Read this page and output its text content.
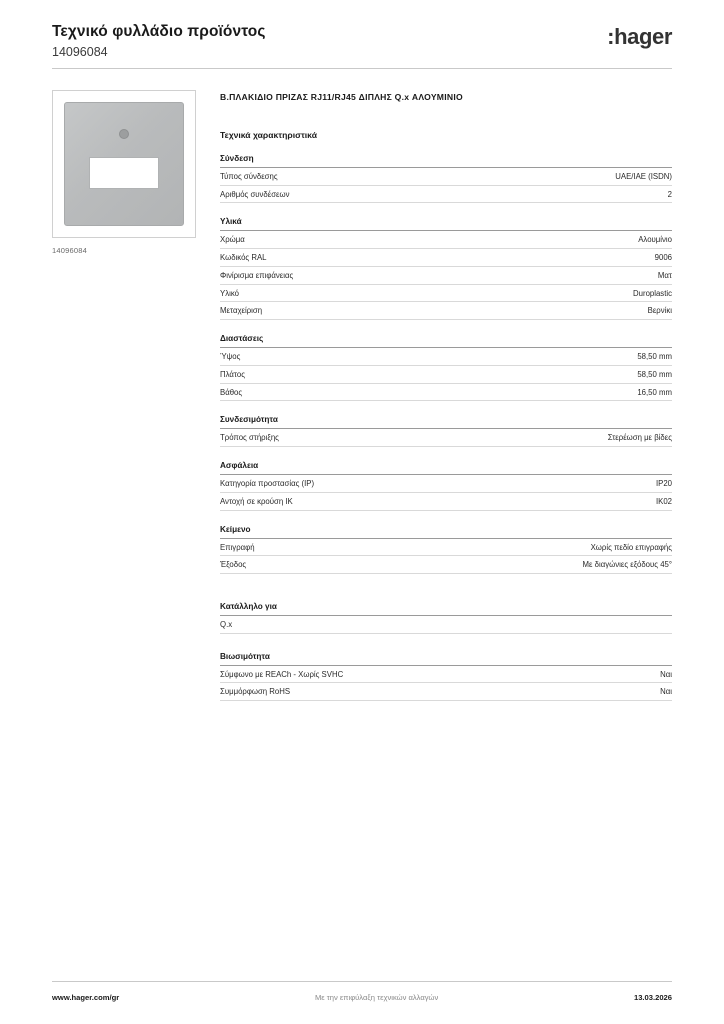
Τεχνικό φυλλάδιο προϊόντος
14096084
:hager
14096084
Β.ΠΛΑΚΙΔΙΟ ΠΡΙΖΑΣ RJ11/RJ45 ΔΙΠΛΗΣ Q.x ΑΛΟΥΜΙΝΙΟ
Τεχνικά χαρακτηριστικά
Σύνδεση
Τύπος σύνδεσης	UAE/IAE (ISDN)
Αριθμός συνδέσεων	2
Υλικά
Χρώμα	Αλουμίνιο
Κωδικός RAL	9006
Φινίρισμα επιφάνειας	Ματ
Υλικό	Duroplastic
Μεταχείριση	Βερνίκι
Διαστάσεις
Ύψος	58,50 mm
Πλάτος	58,50 mm
Βάθος	16,50 mm
Συνδεσιμότητα
Τρόπος στήριξης	Στερέωση με βίδες
Ασφάλεια
Κατηγορία προστασίας (IP)	IP20
Αντοχή σε κρούση IK	IK02
Κείμενο
Επιγραφή	Χωρίς πεδίο επιγραφής
Έξοδος	Με διαγώνιες εξόδους 45°
Κατάλληλο για
Q.x
Βιωσιμότητα
Σύμφωνο με REACh - Χωρίς SVHC	Ναι
Συμμόρφωση RoHS	Ναι
www.hager.com/gr	Με την επιφύλαξη τεχνικών αλλαγών	13.03.2026
